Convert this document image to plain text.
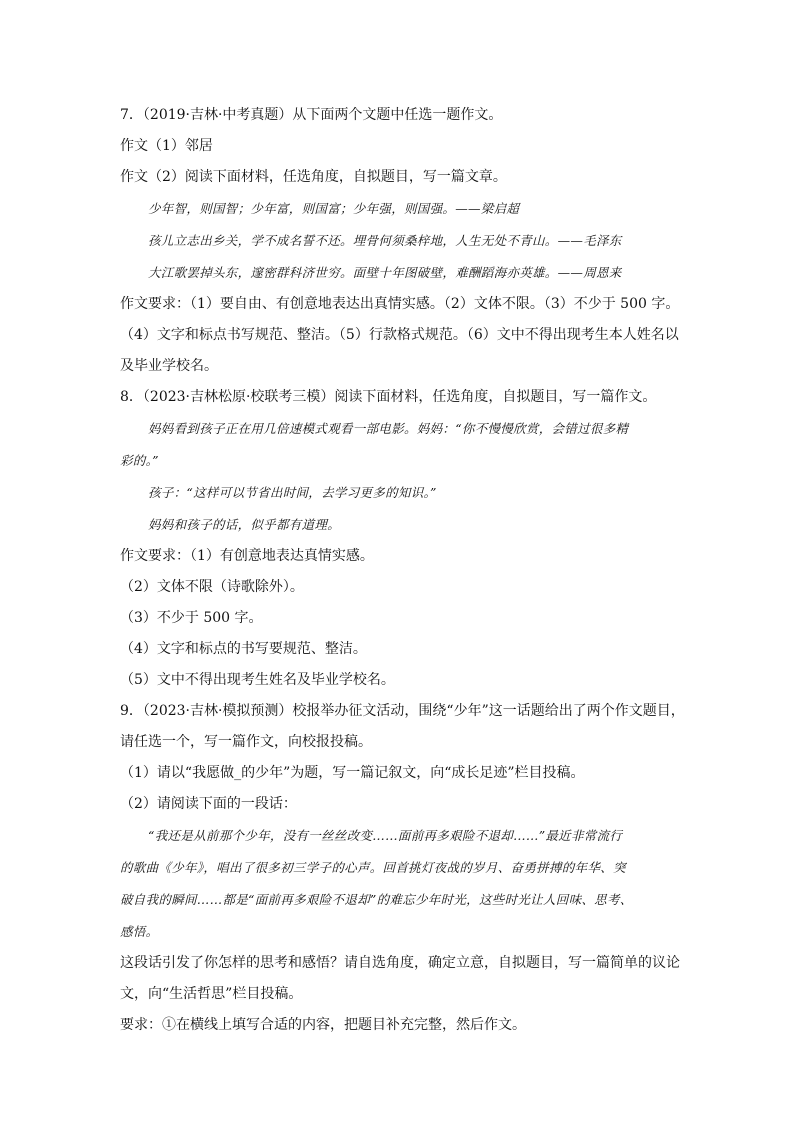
7．（2019·吉林·中考真题）从下面两个文题中任选一题作文。
作文（1）邻居
作文（2）阅读下面材料，任选角度，自拟题目，写一篇文章。
少年智，则国智；少年富，则国富；少年强，则国强。——梁启超
孩儿立志出乡关，学不成名誓不还。埋骨何须桑梓地，人生无处不青山。——毛泽东
大江歌罢掉头东，邃密群科济世穷。面壁十年图破壁，难酬蹈海亦英雄。——周恩来
作文要求：（1）要自由、有创意地表达出真情实感。（2）文体不限。（3）不少于 500 字。
（4）文字和标点书写规范、整洁。（5）行款格式规范。（6）文中不得出现考生本人姓名以
及毕业学校名。
8．（2023·吉林松原·校联考三模）阅读下面材料，任选角度，自拟题目，写一篇作文。
妈妈看到孩子正在用几倍速模式观看一部电影。妈妈：“你不慢慢欣赏，会错过很多精
彩的。”
孩子：“这样可以节省出时间，去学习更多的知识。”
妈妈和孩子的话，似乎都有道理。
作文要求：（1）有创意地表达真情实感。
（2）文体不限（诗歌除外）。
（3）不少于 500 字。
（4）文字和标点的书写要规范、整洁。
（5）文中不得出现考生姓名及毕业学校名。
9．（2023·吉林·模拟预测）校报举办征文活动，围绕“少年”这一话题给出了两个作文题目，
请任选一个，写一篇作文，向校报投稿。
（1）请以“我愿做_的少年”为题，写一篇记叙文，向“成长足迹”栏目投稿。
（2）请阅读下面的一段话：
“我还是从前那个少年，没有一丝丝改变……面前再多艰险不退却……”最近非常流行
的歌曲《少年》，唱出了很多初三学子的心声。回首挑灯夜战的岁月、奋勇拼搏的年华、突
破自我的瞬间……都是“面前再多艰险不退却”的难忘少年时光，这些时光让人回味、思考、
感悟。
这段话引发了你怎样的思考和感悟？请自选角度，确定立意，自拟题目，写一篇简单的议论
文，向“生活哲思”栏目投稿。
要求：①在横线上填写合适的内容，把题目补充完整，然后作文。
